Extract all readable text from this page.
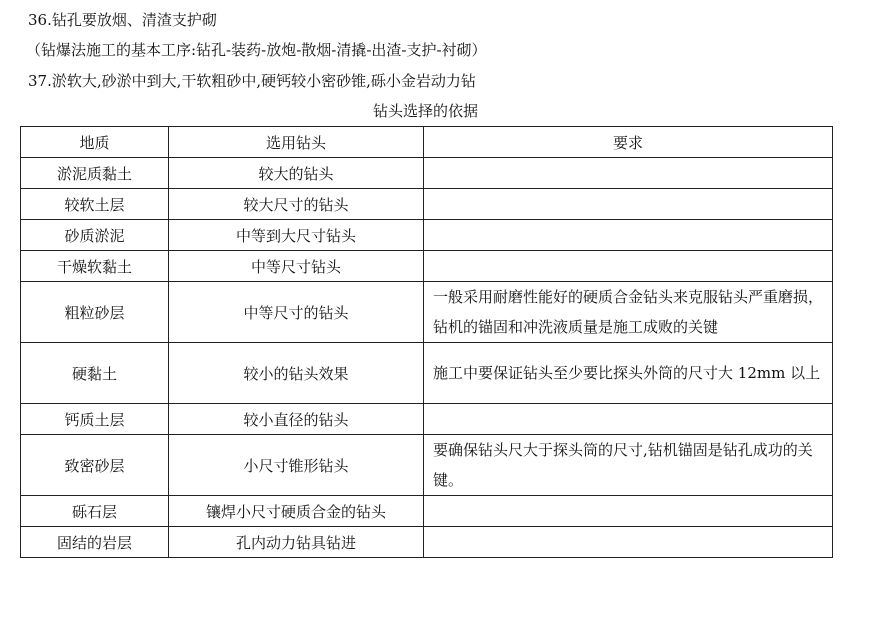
36.钻孔要放烟、清渣支护砌
（钻爆法施工的基本工序:钻孔-装药-放炮-散烟-清撬-出渣-支护-衬砌）
37.淤软大,砂淤中到大,干软粗砂中,硬钙较小密砂锥,砾小金岩动力钻
钻头选择的依据
地质	选用钻头	要求
淤泥质黏土	较大的钻头	
较软土层	较大尺寸的钻头	
砂质淤泥	中等到大尺寸钻头	
干燥软黏土	中等尺寸钻头	
粗粒砂层	中等尺寸的钻头	一般采用耐磨性能好的硬质合金钻头来克服钻头严重磨损，钻机的锚固和冲洗液质量是施工成败的关键
硬黏土	较小的钻头效果	施工中要保证钻头至少要比探头外筒的尺寸大 12mm 以上
钙质土层	较小直径的钻头	
致密砂层	小尺寸锥形钻头	要确保钻头尺大于探头筒的尺寸,钻机锚固是钻孔成功的关键。
砾石层	镶焊小尺寸硬质合金的钻头	
固结的岩层	孔内动力钻具钻进	
